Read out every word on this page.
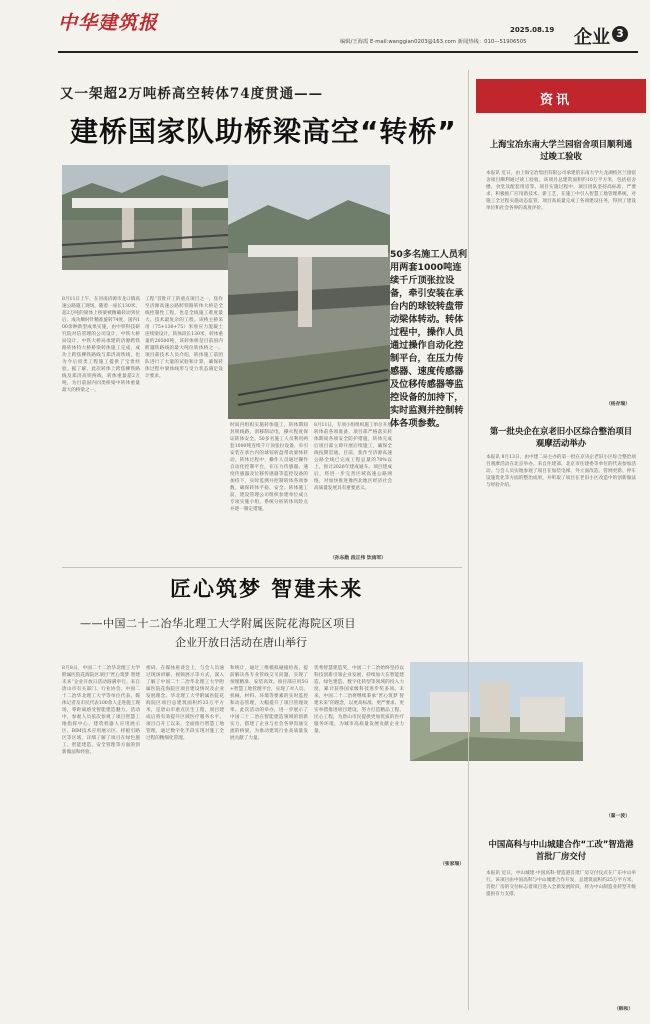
中华建筑报	2025.08.19
编辑/王海霞 E-mail:wanggian0203@163.com 新闻热线：010—51906505	企业 3
又一架超2万吨桥高空转体74度贯通——
建桥国家队助桥梁高空“转桥”
50多名施工人员利用两套1000吨连续千斤顶张拉设备，牵引安装在承台内的球铰转盘带动梁体转动。转体过程中，操作人员通过操作自动化控制平台，在压力传感器、速度传感器及位移传感器等监控设备的加持下，实时监测并控制转体各项参数。
8月11日上午，在河南济源市龙口镇高速公路施工现场，随着一座长130米、超2万吨的梁体上桥梁被精确转动到位后，成功顺时针精准旋转74度，国内100余种新型成果实施，由中铁科技研究院对信管理的公司设计，中铁大桥局设计、中铁大桥局承建的济源跨铁路转体特大桥桥梁转体施工完成，成功上跨焦柳铁路线与郑济高铁线，也为今后同类工程施工提供了宝贵经验。据了解，此次转体上跨焦柳铁路线及郑济高铁两线，转体重量超2万吨，为目前国内同类桥梁中转体重量最大的桥梁之一。
工程“首批开工的重点项目之一，焦作至济源高速公路跨铁路转体大桥是全线控制性工程，也是全线施工难度最大、技术最复杂的工程。该桥主桥采用（75+130+75）米预应力混凝土连续梁设计，转体段长130米，转体重量约20500吨，该转体桥是目前国内跨越铁路线的最大吨位转体桥之一。项目部技术人员介绍，转体施工前团队进行了大量的试验和计算，确保转体过程中梁体线形与受力状态满足设计要求。
时间内组织实施转体施工，转体期间封锁线路，滑移制动电，操火程度保证转体安全。50多名施工人员利用两套1000吨连续千斤顶张拉设备，牵引安装在承台内的球铰转盘带动梁体转动。转体过程中，操作人员通过操作自动化控制平台，在压力传感器、速度传感器及位移传感器等监控设备的加持下，实时监测并控制转体各项参数，确保转体平稳、安全。转体施工前，建设管理公司组织参建单位成立专项实施小组，系统分析转体风险点并逐一制定措施。
8月11日，专项小组组织施工单位开展转体前各项准备，项目部严格落实转体期间各项安全防护措施，转体完成后项目部立即开展后续施工，确保全线按期贯通。目前，焦作至济源高速公路全线已完成工程总量的70%以上，预计2026年建成通车。项目建成后，将进一步完善区域高速公路网络，对加快推进豫西北地区经济社会高质量发展具有重要意义。
（孙东勋 段正伟 饮雨军）
匠心筑梦 智建未来
——中国二十二冶华北理工大学附属医院花海院区项目
企业开放日活动在唐山举行
8月8日，中国二十二冶华北理工大学附属医院花海院区项目“匠心筑梦 智建未来”企业开放日活动圆满举行。来自唐山市有关部门、行业协会、中国二十二冶华北理工大学等单位代表、媒体记者及市民代表100余人走进施工现场，零距离感受智能建造魅力。活动中，参观人员依次参观了项目智慧工地指挥中心、建筑机器人应用展示区、BIM技术应用展示区、样板引路区等区域，详细了解了项目在绿色施工、智能建造、安全管理等方面的创新做法和经验。
密码。在媒体座谈会上，与会人员通过现场讲解、视频展示等方式，深入了解了中国二十二冶华北理工大学附属医院花海院区项目建设情况及企业发展理念。华北理工大学附属医院花海院区项目总建筑面积约33万平方米，是唐山市重点民生工程，项目建成后将有效提升区域医疗服务水平。项目自开工以来，全面推行智慧工地管理，通过数字化手段实现对施工全过程的精细化管理。
和统计，通过三维模拟碰撞检查，提前解决各专业管线交叉问题，实现了预埋精准、安装高效。项目部应用5G+智慧工地管理平台，实现了对人员、机械、材料、环境等要素的实时监控和动态管理，大幅提升了项目管理效率。此次活动的举办，进一步展示了中国二十二冶在智能建造领域的创新实力，搭建了企业与社会各界沟通交流的桥梁，为推动建筑行业高质量发展贡献了力量。
优秀智慧建造奖，中国二十二冶始终坚持以科技创新引领企业发展，持续加大在智能建造、绿色建造、数字化转型等领域的投入力度，累计获得国家级科技进步奖多项。未来，中国二十二冶将继续秉承“匠心筑梦 智建未来”的理念，以更高标准、更严要求、更实举措推进项目建设，努力打造精品工程、民心工程，为唐山市民提供更加优质的医疗服务环境，为城市高质量发展贡献企业力量。
（张家瑞）
资讯
上海宝冶东南大学兰园宿舍项目顺利通过竣工验收
本报讯 近日，由上海宝冶集团有限公司承建的东南大学九龙湖校区兰园宿舍项目顺利通过竣工验收。该项目总建筑面积约10万平方米，包括宿舍楼、食堂及配套用房等。项目实施过程中，项目团队坚持高标准、严要求，积极推广应用新技术、新工艺，在施工中引入智慧工地管理系统，对施工全过程实施动态监管。项目高质量完成了各项建设任务，得到了建设单位和社会各界的高度评价。
（杨存瑞）
第一批央企在京老旧小区综合整治项目观摩活动举办
本报讯 8月13日，由中建二局主办的第一批在京央企老旧小区综合整治项目观摩活动在北京举办。来自住建部、北京市住建委等单位的代表参加活动。与会人员实地参观了项目在加装电梯、外立面改造、管网更新、停车设施优化等方面的整治成果，并听取了项目在老旧小区改造中的创新做法与经验介绍。
（翟一波）
中国高科与中山城建合作“工改”智造港首批厂房交付
本报讯 近日，中山城建·中国高科·智造港首批厂房交付仪式在广东中山举行。该项目由中国高科与中山城建合作开发，总建筑面积约25万平方米，首批厂房的交付标志着项目进入全新发展阶段，将为中山制造业转型升级提供有力支撑。
（韩和）
